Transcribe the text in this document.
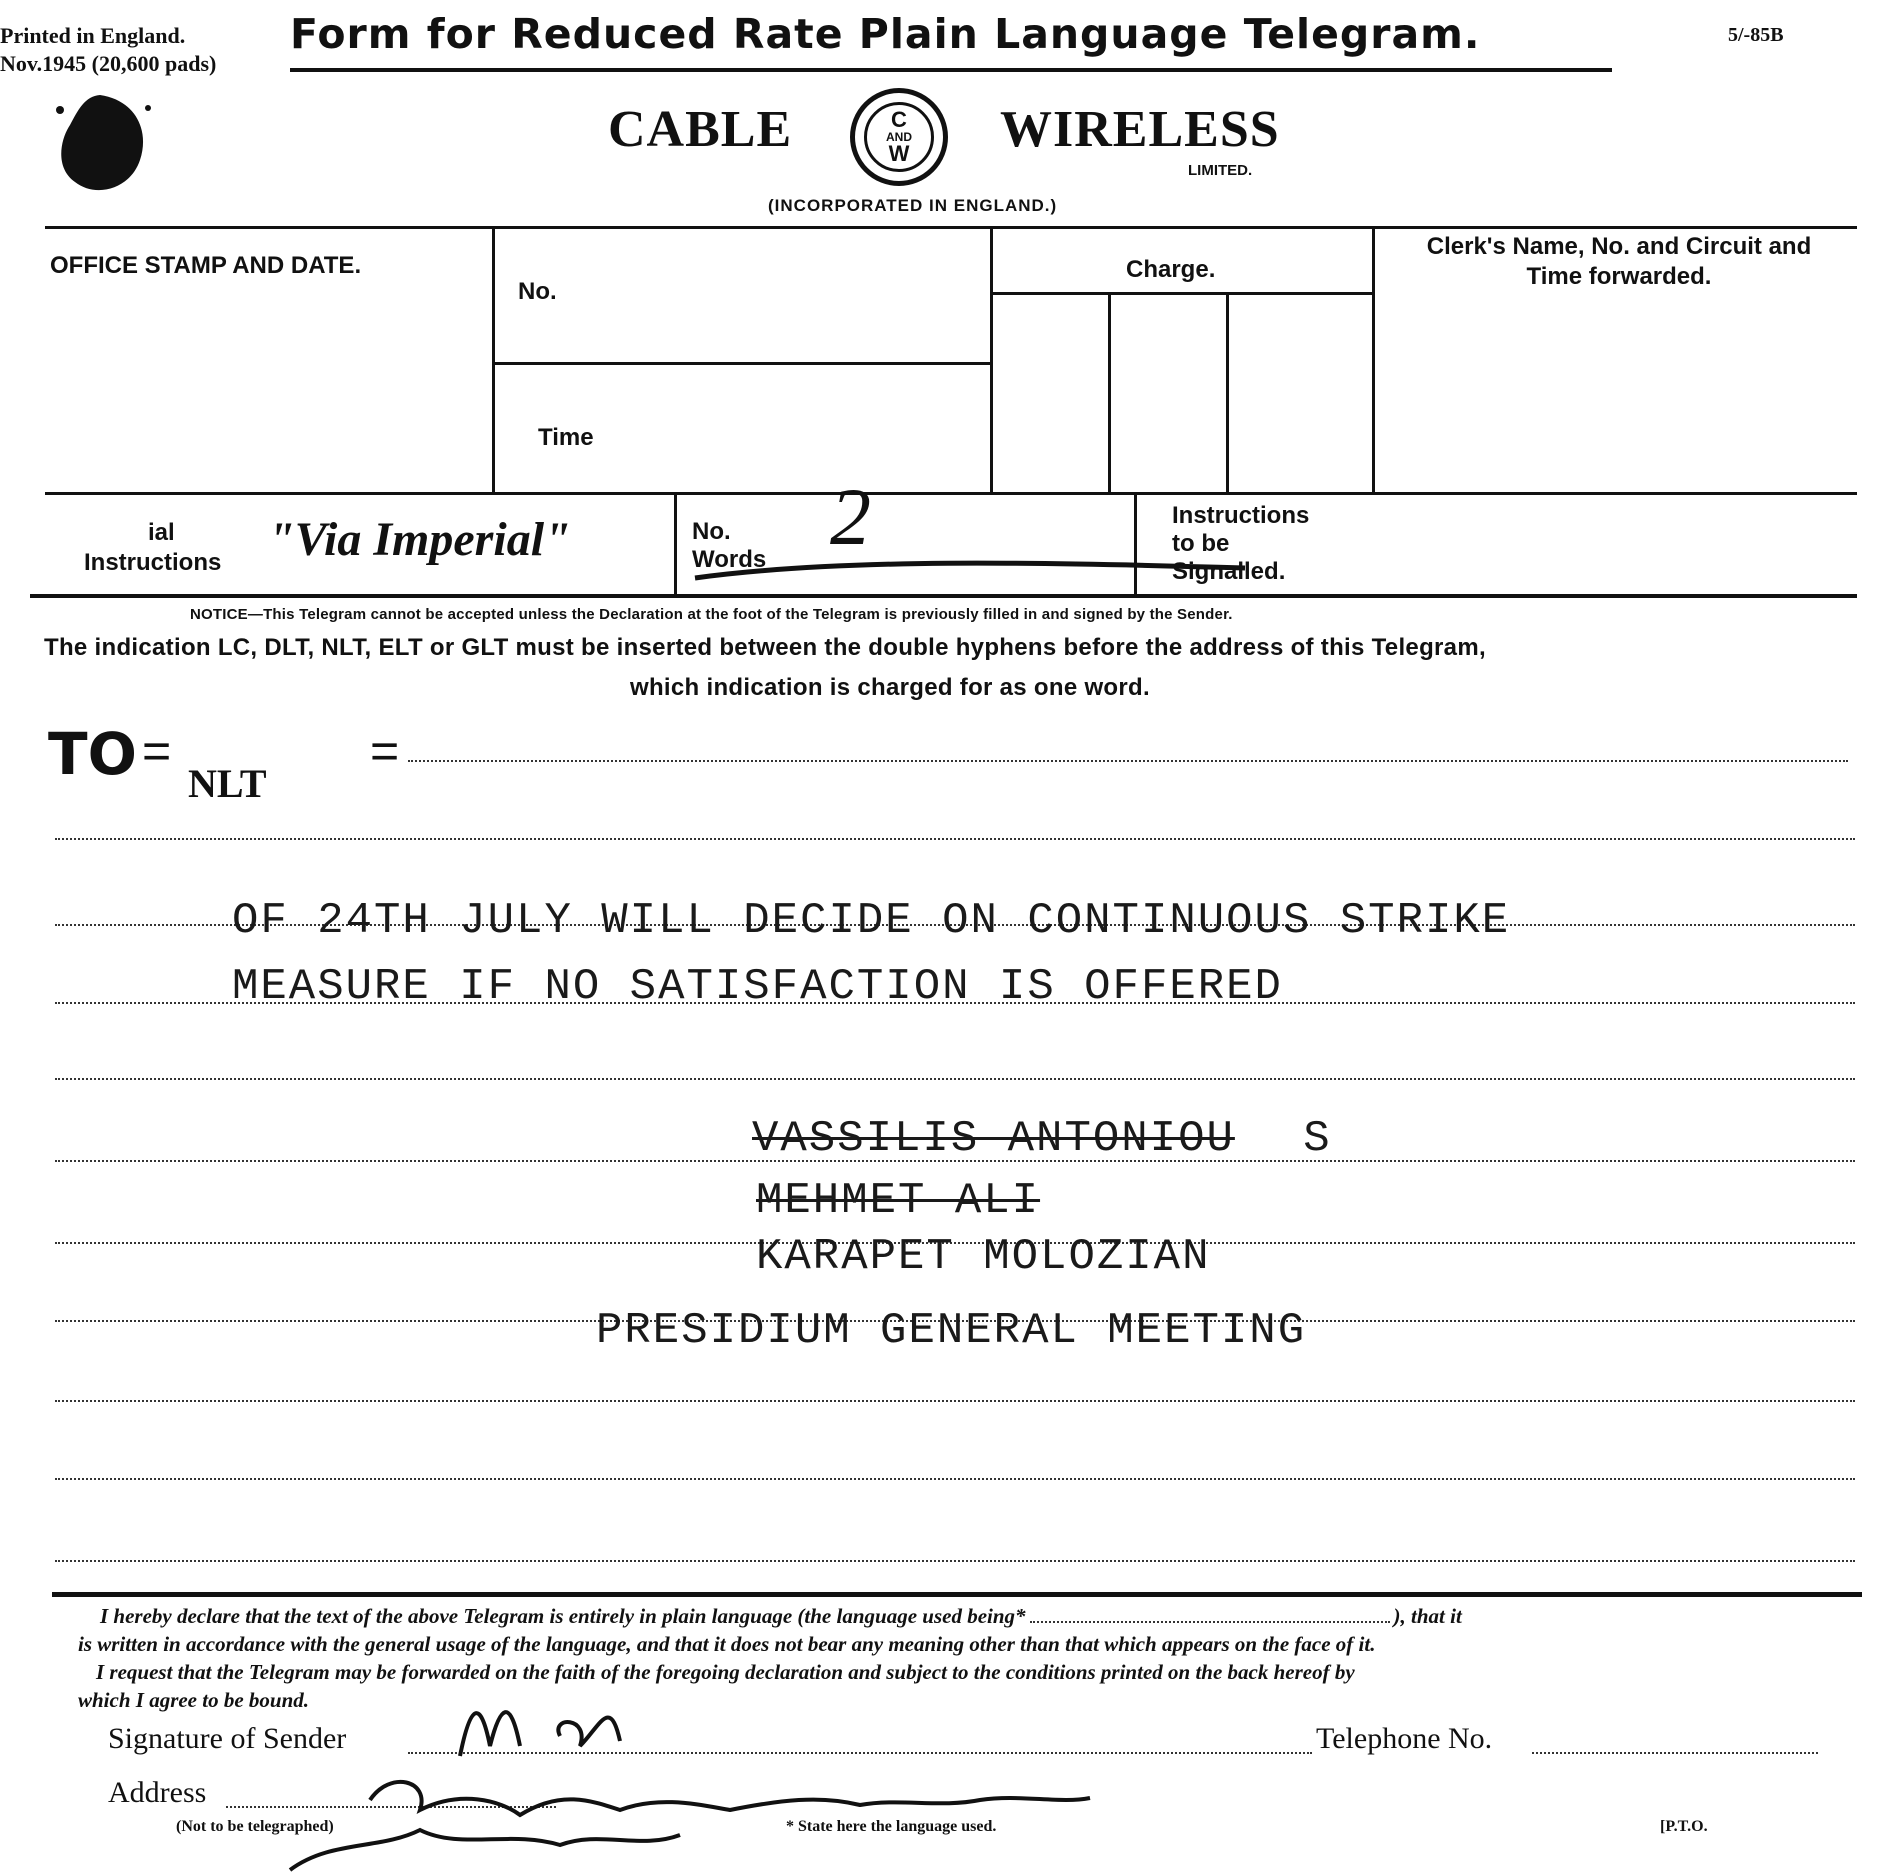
Printed in England.
Nov.1945 (20,600 pads)
Form for Reduced Rate Plain Language Telegram.	5/-85B
CABLE	C
AND
W WIRELESS
LIMITED.
(INCORPORATED IN ENGLAND.)
OFFICE STAMP AND DATE.
No.
Time
Charge.
Clerk's Name, No. and Circuit and
Time forwarded.
ial
Instructions "Via Imperial"	No.
Words 2	Instructions
to be
Signalled.
NOTICE—This Telegram cannot be accepted unless the Declaration at the foot of the Telegram is previously filled in and signed by the Sender.
The indication LC, DLT, NLT, ELT or GLT must be inserted between the double hyphens before the address of this Telegram,
which indication is charged for as one word.
TO =
NLT
=
OF 24TH JULY WILL DECIDE ON CONTINUOUS STRIKE
MEASURE IF NO SATISFACTION IS OFFERED
VASSILIS ANTONIOU S
MEHMET ALI
KARAPET MOLOZIAN
PRESIDIUM GENERAL MEETING
I hereby declare that the text of the above Telegram is entirely in plain language (the language used being*	), that it
is written in accordance with the general usage of the language, and that it does not bear any meaning other than that which appears on the face of it.
I request that the Telegram may be forwarded on the faith of the foregoing declaration and subject to the conditions printed on the back hereof by
which I agree to be bound.
Signature of Sender	Telephone No.
Address
(Not to be telegraphed)	* State here the language used.	[P.T.O.
